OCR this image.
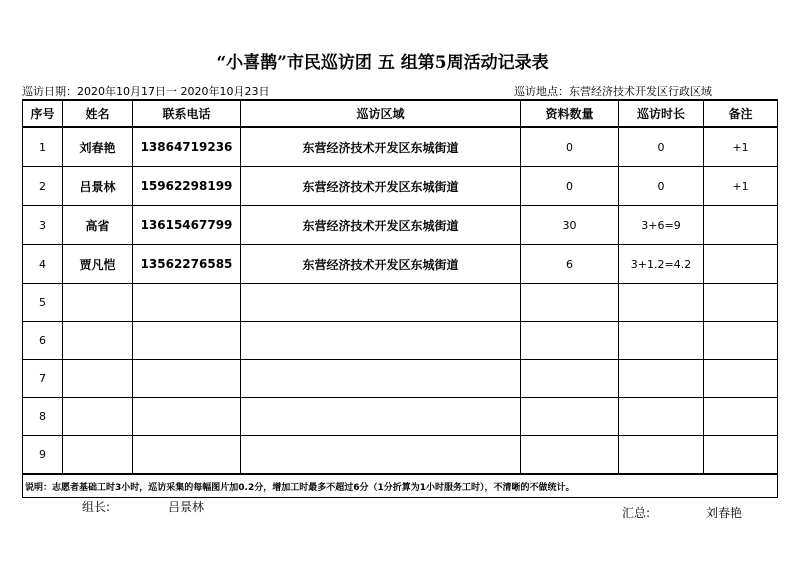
“小喜鹊”市民巡访团 五 组第5周活动记录表
巡访日期：2020年10月17日一 2020年10月23日	巡访地点：东营经济技术开发区行政区域
序号	姓名	联系电话	巡访区域	资料数量	巡访时长	备注
1	刘春艳	13864719236	东营经济技术开发区东城街道	0	0	+1
2	吕景林	15962298199	东营经济技术开发区东城街道	0	0	+1
3	高省	13615467799	东营经济技术开发区东城街道	30	3+6=9	
4	贾凡恺	13562276585	东营经济技术开发区东城街道	6	3+1.2=4.2	
5						
6						
7						
8						
9						
说明：志愿者基础工时3小时，巡访采集的每幅图片加0.2分，增加工时最多不超过6分（1分折算为1小时服务工时），不清晰的不做统计。						
组长:	吕景林	汇总:	刘春艳
